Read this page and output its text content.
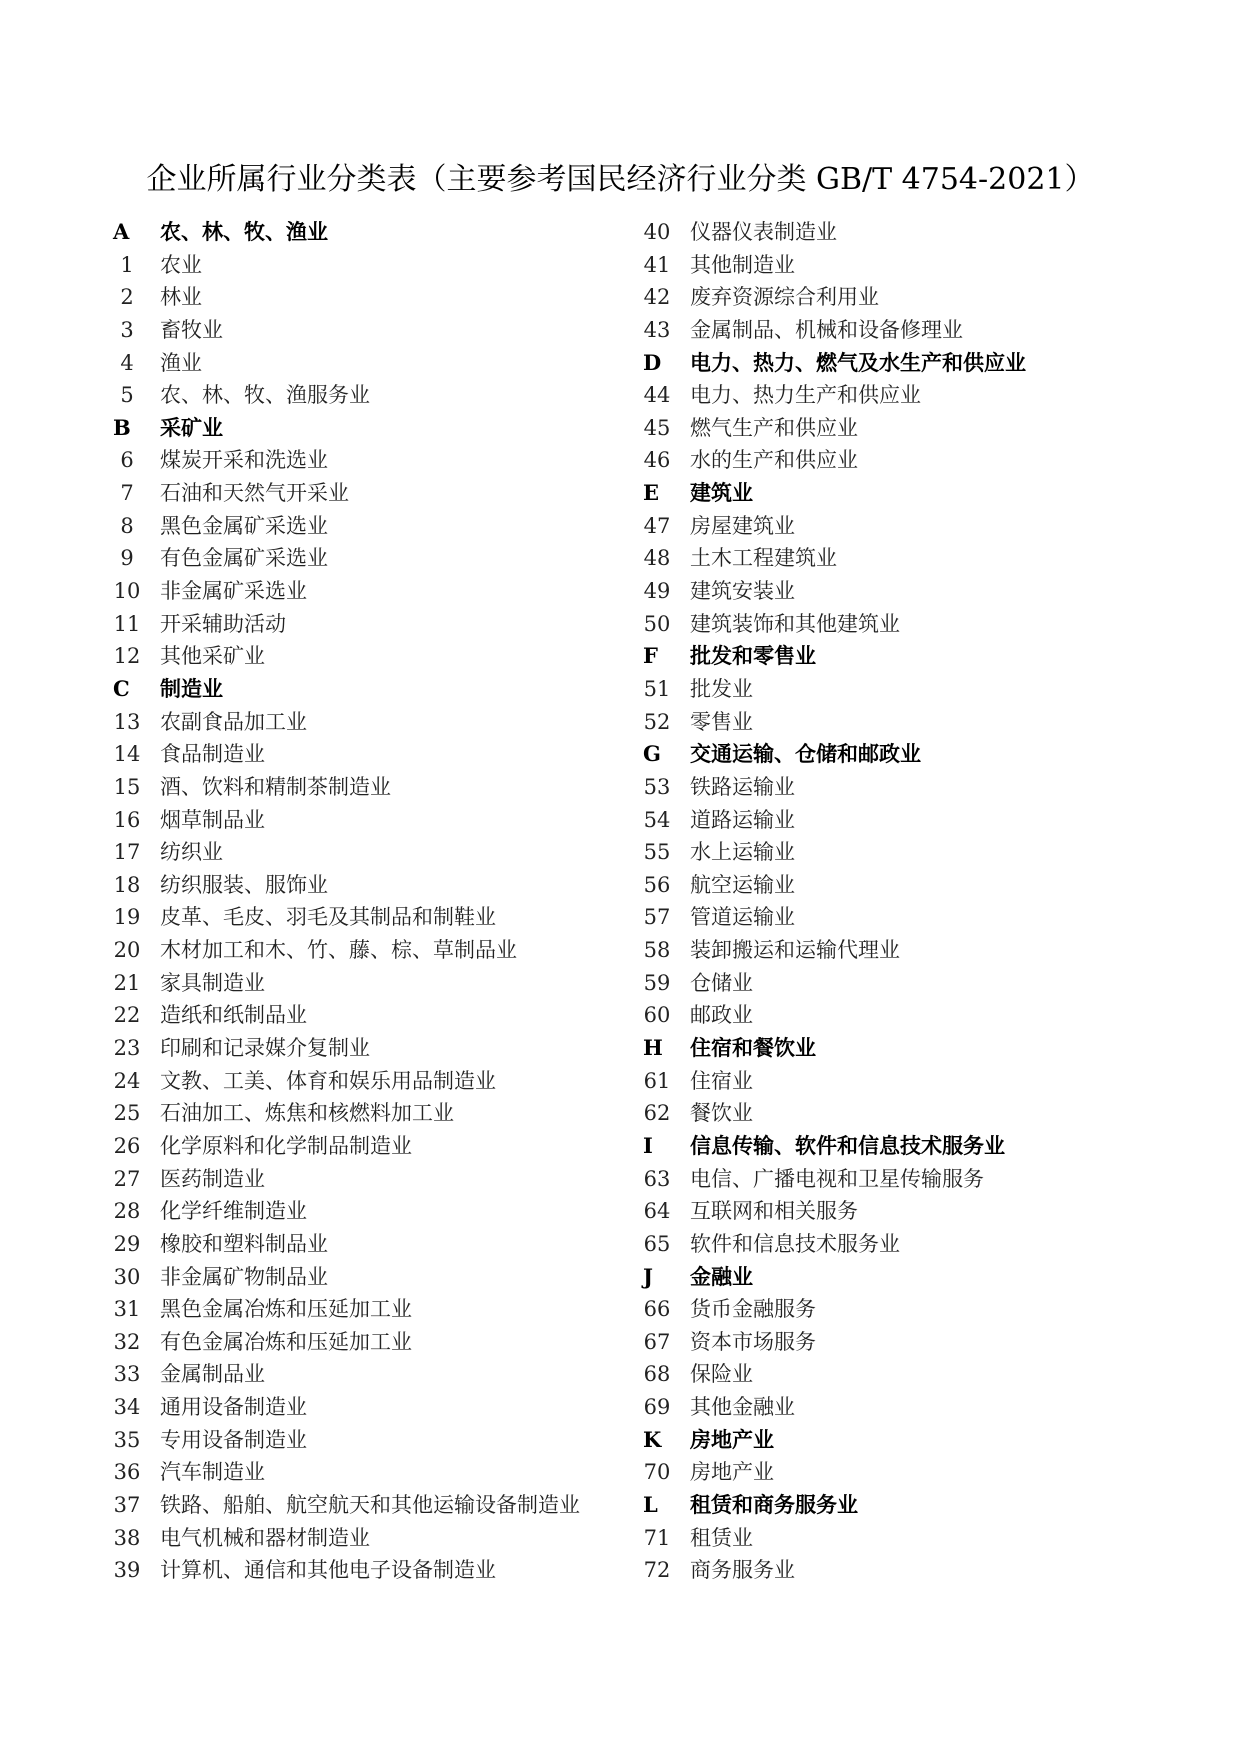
企业所属行业分类表（主要参考国民经济行业分类 GB/T 4754-2021）
A	农、林、牧、渔业
1	农业
2	林业
3	畜牧业
4	渔业
5	农、林、牧、渔服务业
B	采矿业
6	煤炭开采和洗选业
7	石油和天然气开采业
8	黑色金属矿采选业
9	有色金属矿采选业
10 非金属矿采选业
11 开采辅助活动
12 其他采矿业
C	制造业
13 农副食品加工业
14 食品制造业
15 酒、饮料和精制茶制造业
16 烟草制品业
17 纺织业
18 纺织服装、服饰业
19 皮革、毛皮、羽毛及其制品和制鞋业
20 木材加工和木、竹、藤、棕、草制品业
21 家具制造业
22 造纸和纸制品业
23 印刷和记录媒介复制业
24 文教、工美、体育和娱乐用品制造业
25 石油加工、炼焦和核燃料加工业
26 化学原料和化学制品制造业
27 医药制造业
28 化学纤维制造业
29 橡胶和塑料制品业
30 非金属矿物制品业
31 黑色金属冶炼和压延加工业
32 有色金属冶炼和压延加工业
33 金属制品业
34 通用设备制造业
35 专用设备制造业
36 汽车制造业
37 铁路、船舶、航空航天和其他运输设备制造业
38 电气机械和器材制造业
39 计算机、通信和其他电子设备制造业
40 仪器仪表制造业
41 其他制造业
42 废弃资源综合利用业
43 金属制品、机械和设备修理业
D	电力、热力、燃气及水生产和供应业
44 电力、热力生产和供应业
45 燃气生产和供应业
46 水的生产和供应业
E	建筑业
47 房屋建筑业
48 土木工程建筑业
49 建筑安装业
50 建筑装饰和其他建筑业
F	批发和零售业
51 批发业
52 零售业
G	交通运输、仓储和邮政业
53 铁路运输业
54 道路运输业
55 水上运输业
56 航空运输业
57 管道运输业
58 装卸搬运和运输代理业
59 仓储业
60 邮政业
H	住宿和餐饮业
61 住宿业
62 餐饮业
I	信息传输、软件和信息技术服务业
63 电信、广播电视和卫星传输服务
64 互联网和相关服务
65 软件和信息技术服务业
J	金融业
66 货币金融服务
67 资本市场服务
68 保险业
69 其他金融业
K	房地产业
70 房地产业
L	租赁和商务服务业
71 租赁业
72 商务服务业
